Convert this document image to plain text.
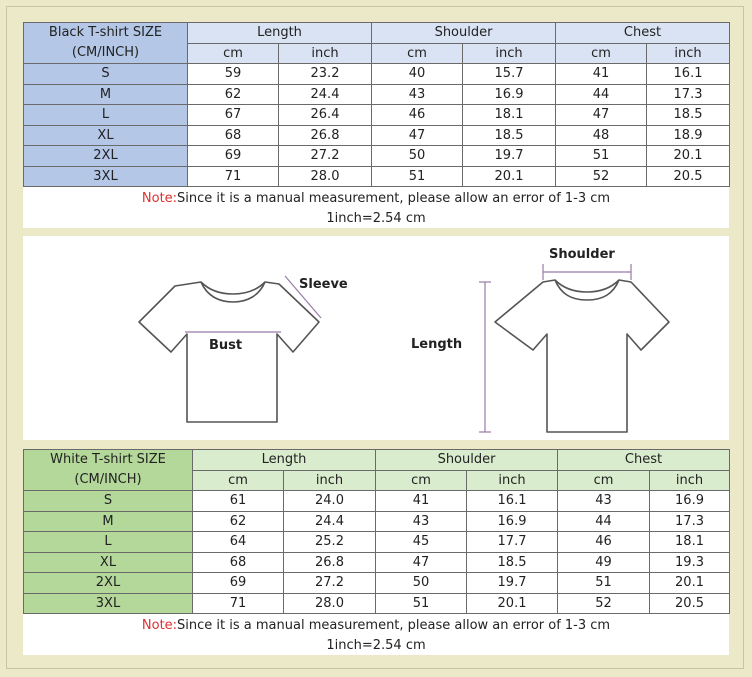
Black T-shirt SIZE
(CM/INCH)	Length		Shoulder		Chest	
	cm	inch	cm	inch	cm	inch
S	59	23.2	40	15.7	41	16.1
M	62	24.4	43	16.9	44	17.3
L	67	26.4	46	18.1	47	18.5
XL	68	26.8	47	18.5	48	18.9
2XL	69	27.2	50	19.7	51	20.1
3XL	71	28.0	51	20.1	52	20.5
Note:Since it is a manual measurement, please allow an error of 1-3 cm
1inch=2.54 cm
Sleeve
Bust
Shoulder
Length
White T-shirt SIZE
(CM/INCH)	Length		Shoulder		Chest	
	cm	inch	cm	inch	cm	inch
S	61	24.0	41	16.1	43	16.9
M	62	24.4	43	16.9	44	17.3
L	64	25.2	45	17.7	46	18.1
XL	68	26.8	47	18.5	49	19.3
2XL	69	27.2	50	19.7	51	20.1
3XL	71	28.0	51	20.1	52	20.5
Note:Since it is a manual measurement, please allow an error of 1-3 cm
1inch=2.54 cm
